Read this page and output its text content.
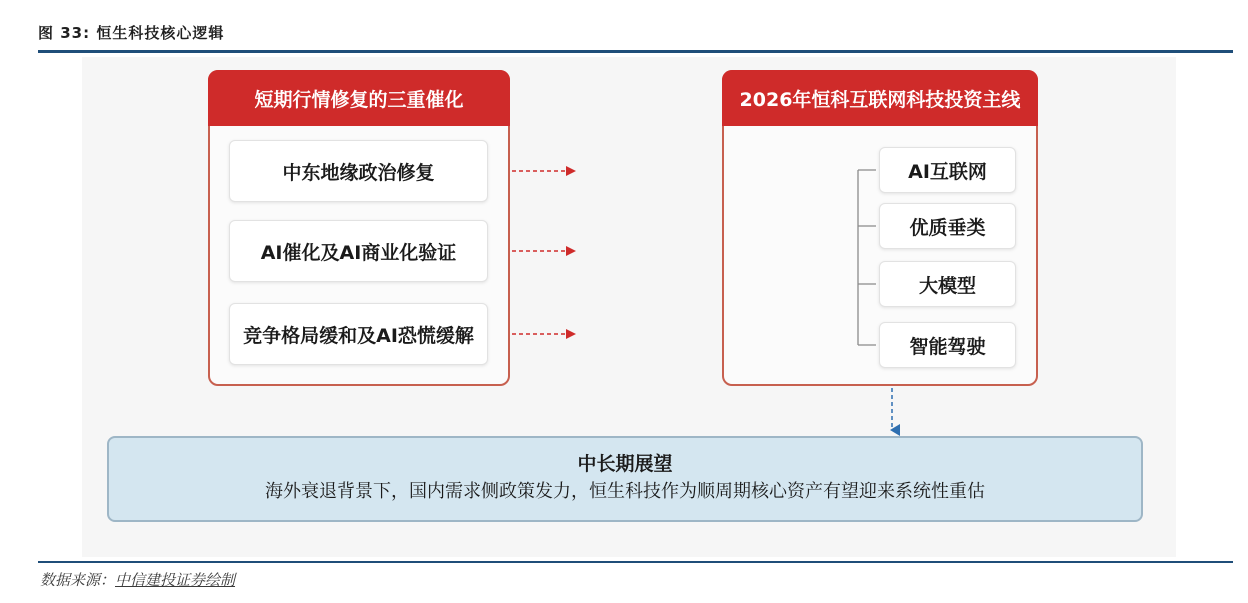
图 33: 恒生科技核心逻辑
短期行情修复的三重催化
中东地缘政治修复
AI催化及AI商业化验证
竞争格局缓和及AI恐慌缓解
2026年恒科互联网科技投资主线
AI互联网
优质垂类
大模型
智能驾驶
中长期展望
海外衰退背景下，国内需求侧政策发力，恒生科技作为顺周期核心资产有望迎来系统性重估
数据来源：中信建投证券绘制
